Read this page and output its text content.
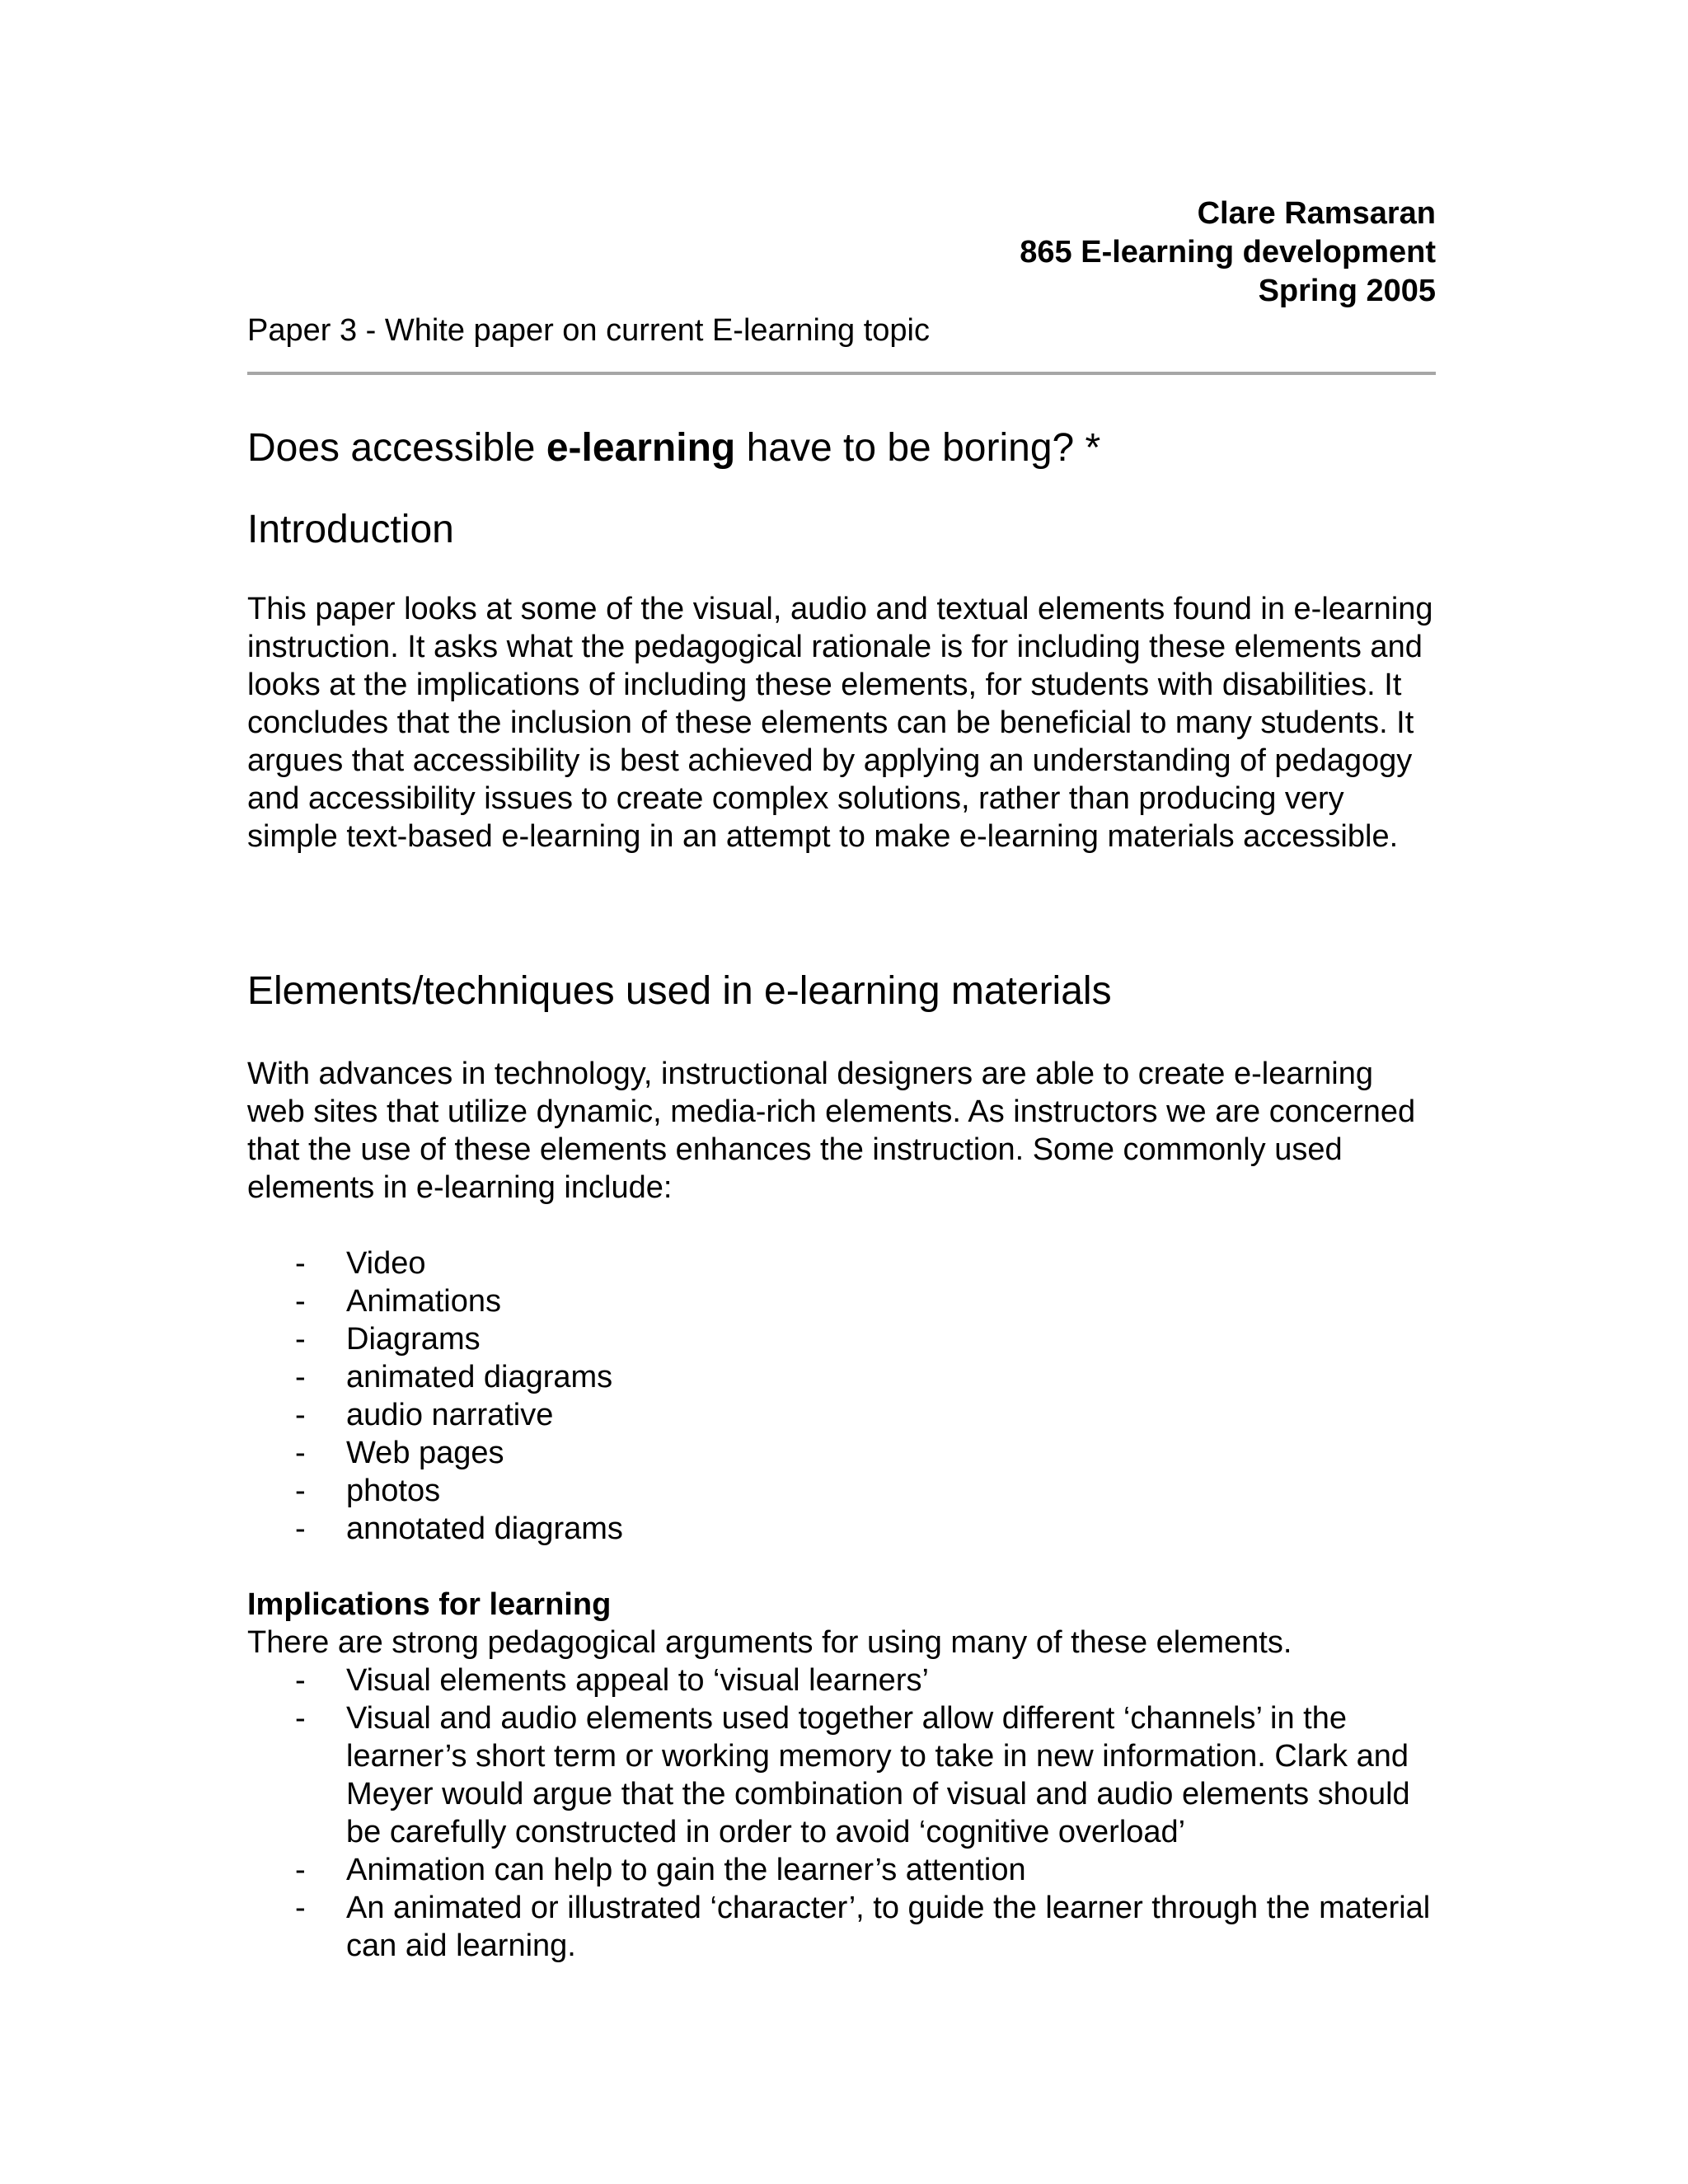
Clare Ramsaran
865 E-learning development
Spring 2005
Paper 3 - White paper on current E-learning topic
Does accessible e-learning have to be boring? *
Introduction

This paper looks at some of the visual, audio and textual elements found in e-learning instruction. It asks what the pedagogical rationale is for including these elements and looks at the implications of including these elements, for students with disabilities. It concludes that the inclusion of these elements can be beneficial to many students. It argues that accessibility is best achieved by applying an understanding of pedagogy and accessibility issues to create complex solutions, rather than producing very simple text-based e-learning in an attempt to make e-learning materials accessible.

Elements/techniques used in e-learning materials

With advances in technology, instructional designers are able to create e-learning web sites that utilize dynamic, media-rich elements. As instructors we are concerned that the use of these elements enhances the instruction. Some commonly used elements in e-learning include:

- Video
- Animations
- Diagrams
- animated diagrams
- audio narrative
- Web pages
- photos
- annotated diagrams
Implications for learning
There are strong pedagogical arguments for using many of these elements.
- Visual elements appeal to ‘visual learners’
- Visual and audio elements used together allow different ‘channels’ in the learner’s short term or working memory to take in new information. Clark and Meyer would argue that the combination of visual and audio elements should be carefully constructed in order to avoid ‘cognitive overload’
- Animation can help to gain the learner’s attention
- An animated or illustrated ‘character’, to guide the learner through the material can aid learning.
